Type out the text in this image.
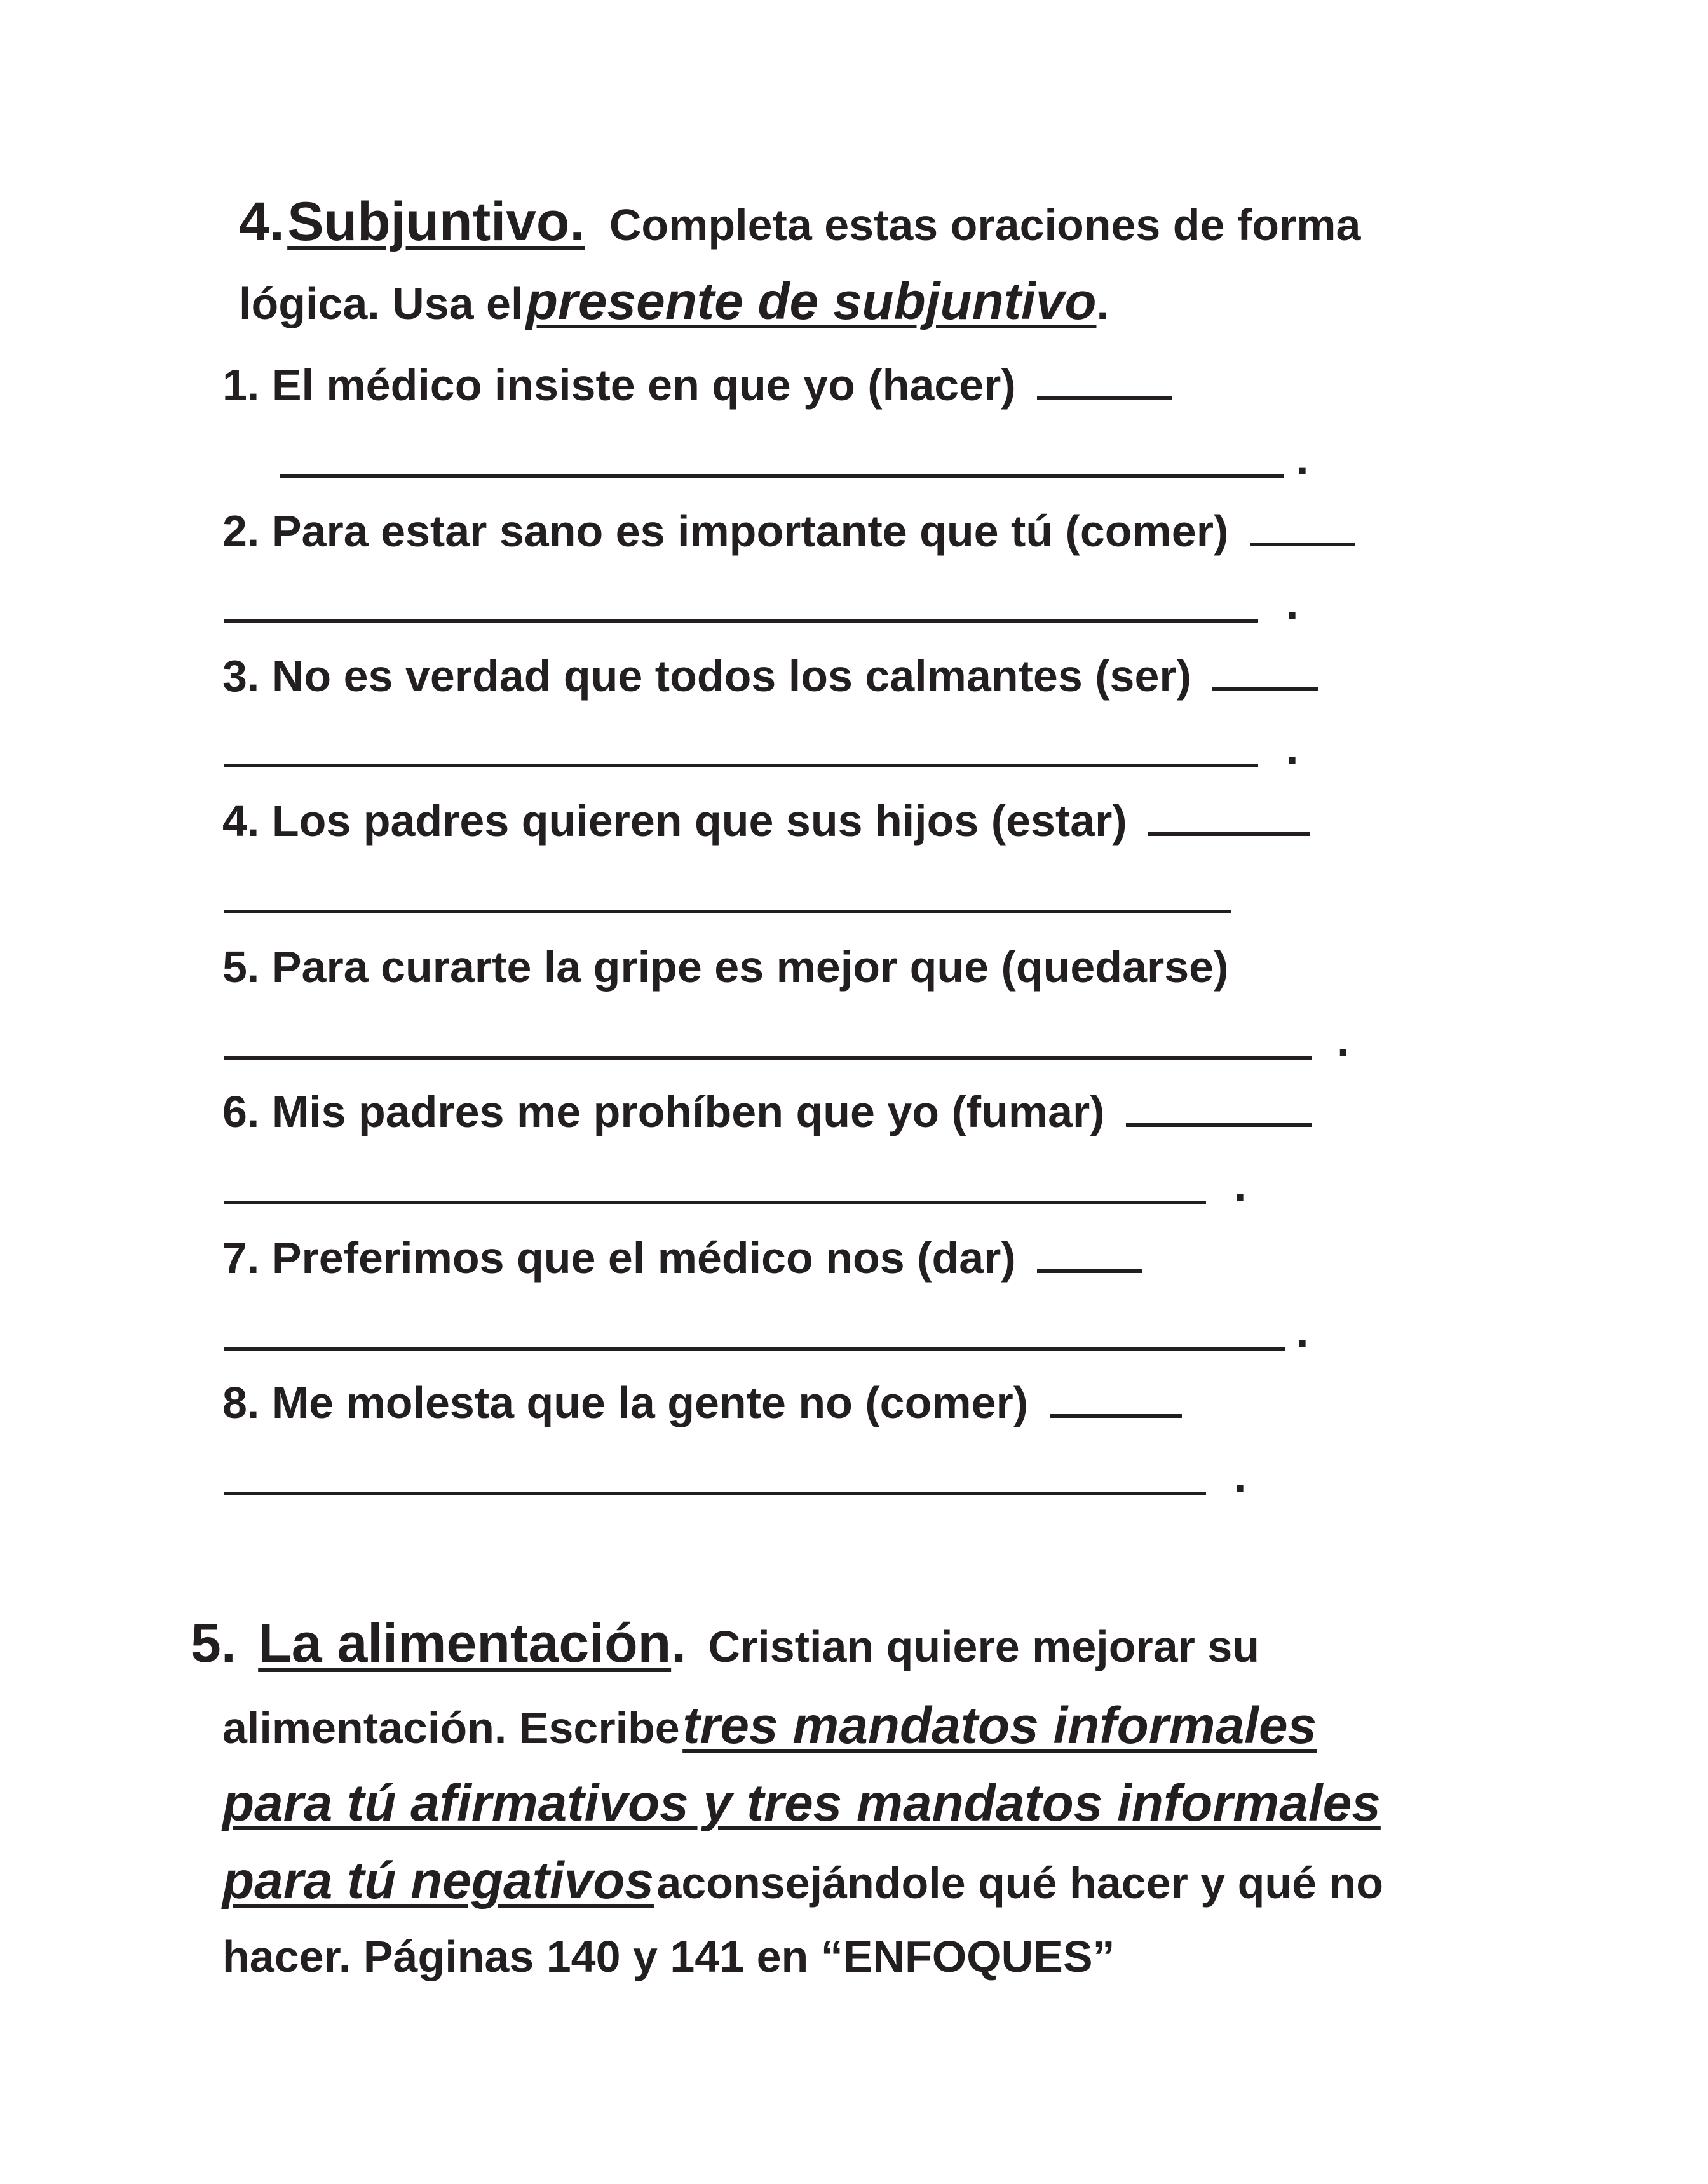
4. Subjuntivo. Completa estas oraciones de forma
lógica. Usa el presente de subjuntivo.
1. El médico insiste en que yo (hacer)
.
2. Para estar sano es importante que tú (comer)
.
3. No es verdad que todos los calmantes (ser)
.
4. Los padres quieren que sus hijos (estar)
5. Para curarte la gripe es mejor que (quedarse)
.
6. Mis padres me prohíben que yo (fumar)
.
7. Preferimos que el médico nos (dar)
.
8. Me molesta que la gente no (comer)
.
5. La alimentación. Cristian quiere mejorar su
alimentación. Escribe tres mandatos informales
para tú afirmativos y tres mandatos informales
para tú negativos aconsejándole qué hacer y qué no
hacer. Páginas 140 y 141 en “ENFOQUES”
